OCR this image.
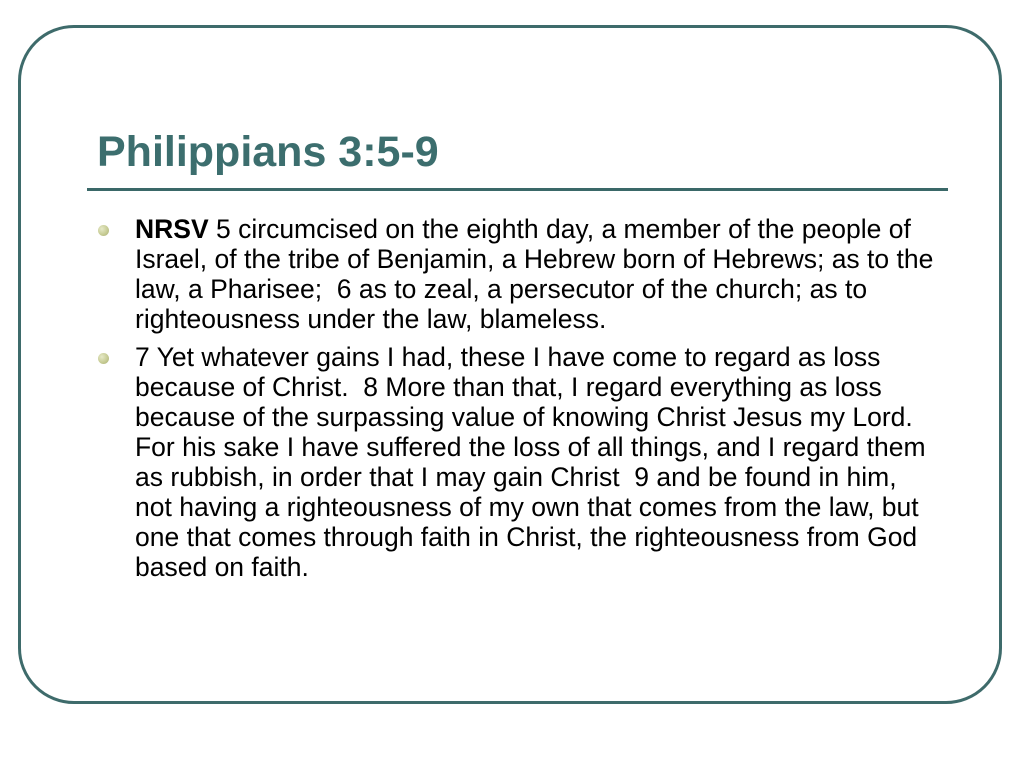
Philippians 3:5-9
NRSV 5 circumcised on the eighth day, a member of the people of Israel, of the tribe of Benjamin, a Hebrew born of Hebrews; as to the law, a Pharisee;  6 as to zeal, a persecutor of the church; as to righteousness under the law, blameless.
7 Yet whatever gains I had, these I have come to regard as loss because of Christ.  8 More than that, I regard everything as loss because of the surpassing value of knowing Christ Jesus my Lord. For his sake I have suffered the loss of all things, and I regard them as rubbish, in order that I may gain Christ  9 and be found in him, not having a righteousness of my own that comes from the law, but one that comes through faith in Christ, the righteousness from God based on faith.
